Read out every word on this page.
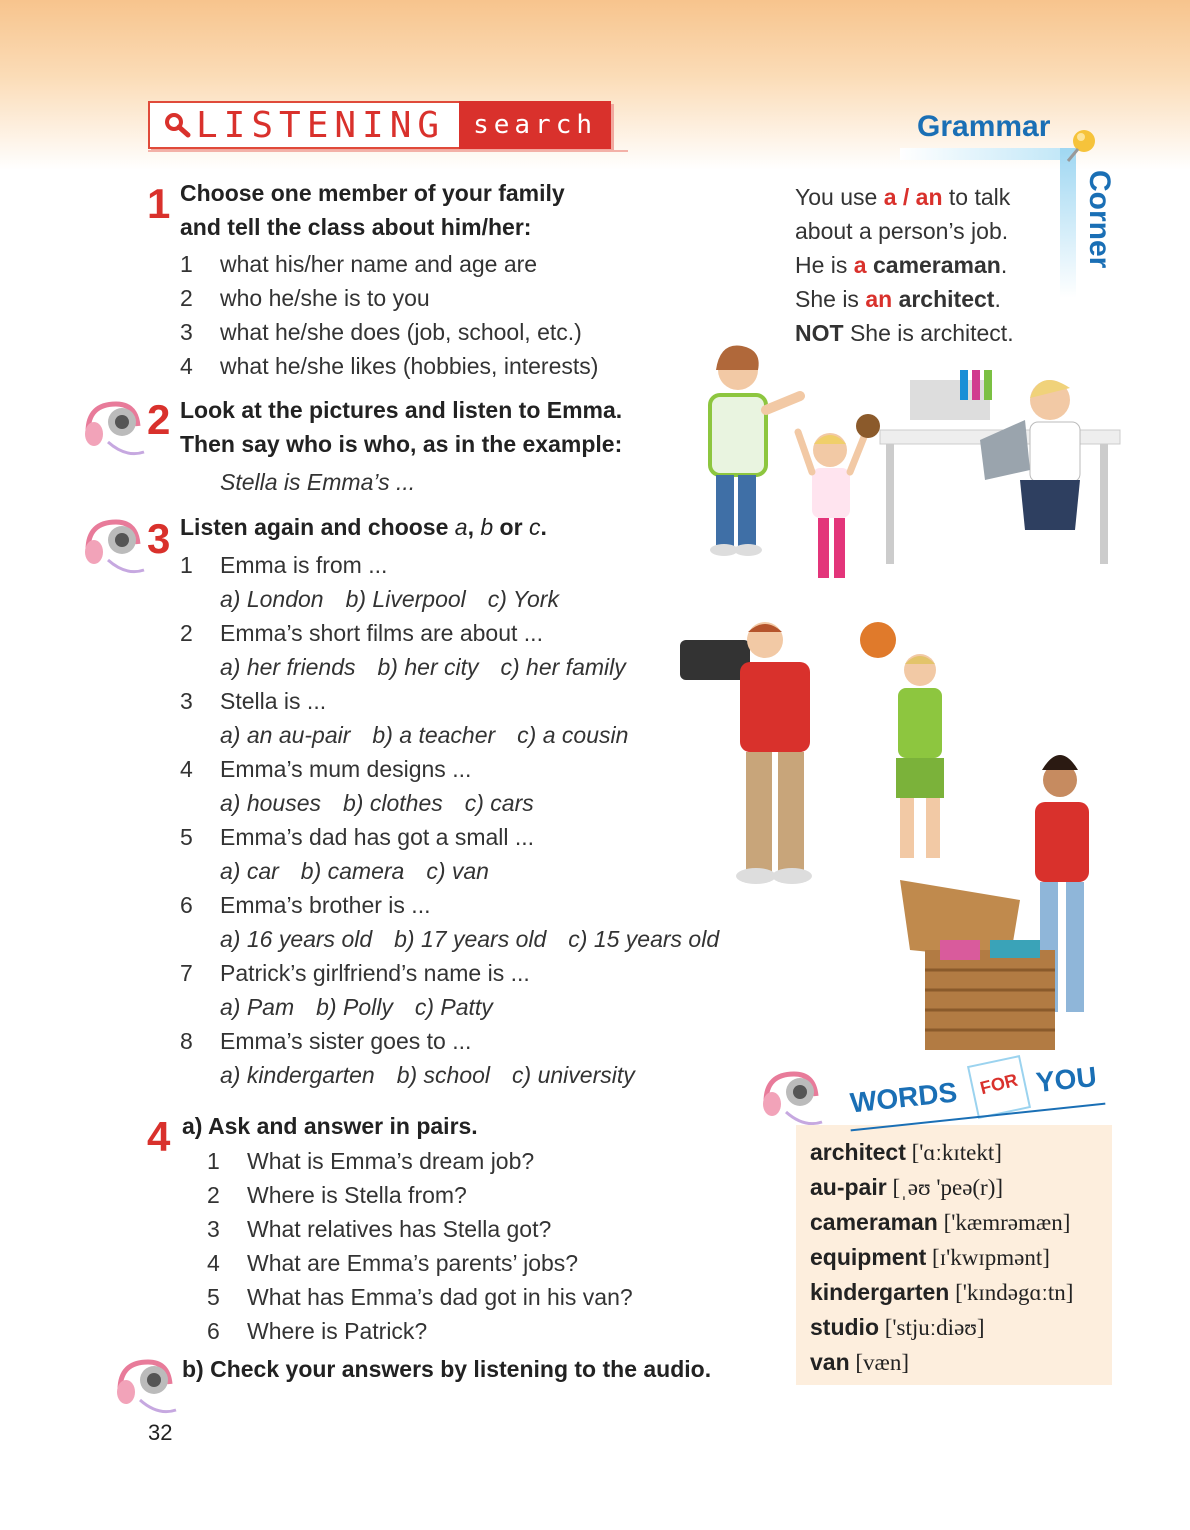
LISTENING	search
1 Choose one member of your family
and tell the class about him/her:
1 what his/her name and age are
2 who he/she is to you
3 what he/she does (job, school, etc.)
4 what he/she likes (hobbies, interests)
2 Look at the pictures and listen to Emma.
Then say who is who, as in the example:
Stella is Emma’s ...
3 Listen again and choose a, b or c.
1 Emma is from ...
a) London b) Liverpool c) York
2 Emma’s short films are about ...
a) her friends b) her city c) her family
3 Stella is ...
a) an au-pair b) a teacher c) a cousin
4 Emma’s mum designs ...
a) houses b) clothes c) cars
5 Emma’s dad has got a small ...
a) car b) camera c) van
6 Emma’s brother is ...
a) 16 years old b) 17 years old c) 15 years old
7 Patrick’s girlfriend’s name is ...
a) Pam b) Polly c) Patty
8 Emma’s sister goes to ...
a) kindergarten b) school c) university
4 a) Ask and answer in pairs.
1 What is Emma’s dream job?
2 Where is Stella from?
3 What relatives has Stella got?
4 What are Emma’s parents’ jobs?
5 What has Emma’s dad got in his van?
6 Where is Patrick?
b) Check your answers by listening to the audio.
Grammar
Corner
You use a / an to talk
about a person’s job.
He is a cameraman.
She is an architect.
NOT She is architect.
WORDS FOR YOU
architect ['ɑːkɪtekt]
au-pair [ˌəʊ 'peə(r)]
cameraman ['kæmrəmæn]
equipment [ɪ'kwɪpmənt]
kindergarten ['kɪndəgɑːtn]
studio ['stjuːdiəʊ]
van [væn]
32
